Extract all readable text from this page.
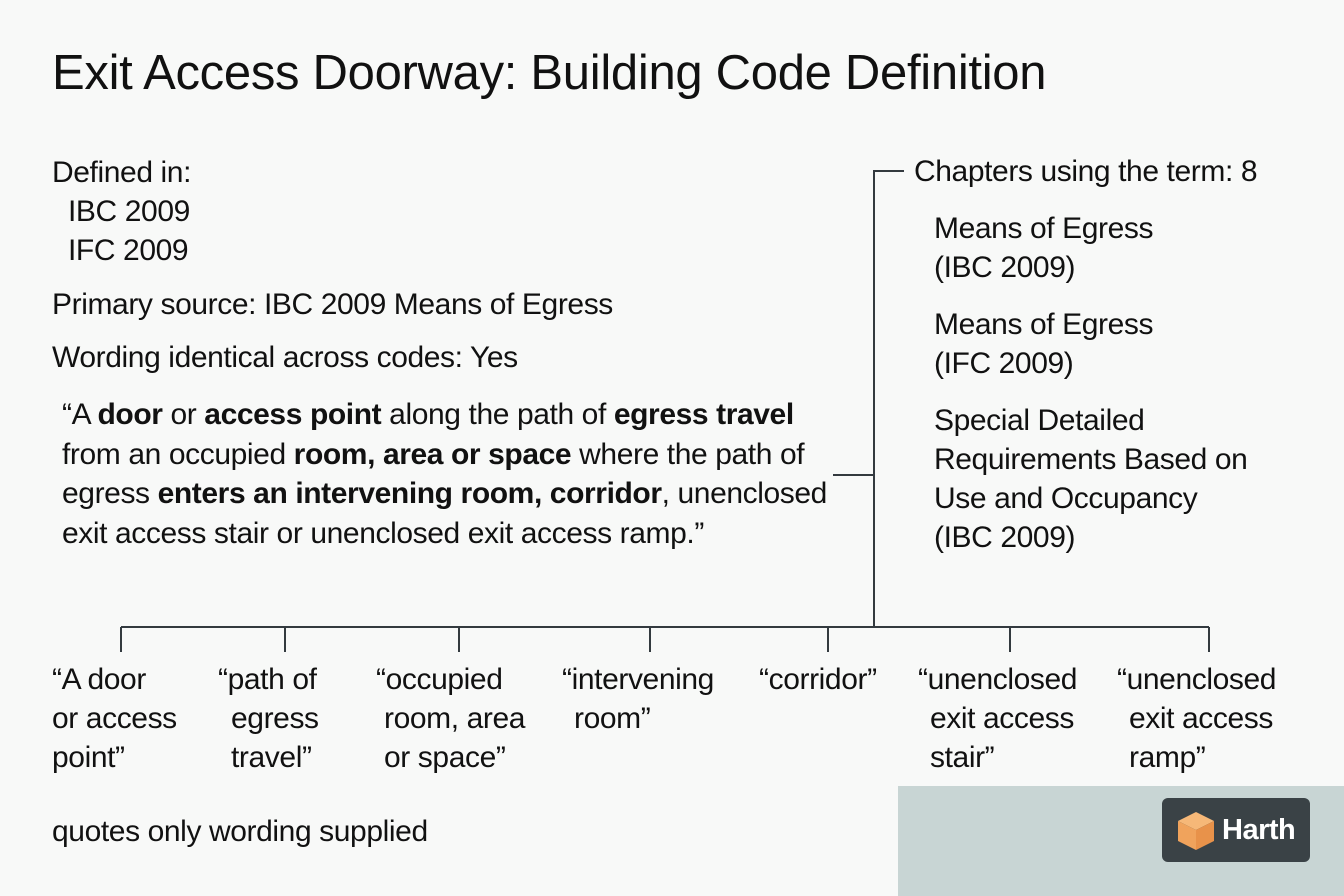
Exit Access Doorway: Building Code Definition
Defined in:
IBC 2009
IFC 2009
Primary source: IBC 2009 Means of Egress
Wording identical across codes: Yes
“A door or access point along the path of egress travel from an occupied room, area or space where the path of egress enters an intervening room, corridor, unenclosed exit access stair or unenclosed exit access ramp.”
Chapters using the term: 8
Means of Egress
(IBC 2009)
Means of Egress
(IFC 2009)
Special Detailed
Requirements Based on
Use and Occupancy
(IBC 2009)
“A door
or access
point”
“path of
egress
travel”
“occupied
room, area
or space”
“intervening
room”
“corridor” “unenclosed
exit access
stair”
“unenclosed
exit access
ramp”
quotes only wording supplied	Harth
